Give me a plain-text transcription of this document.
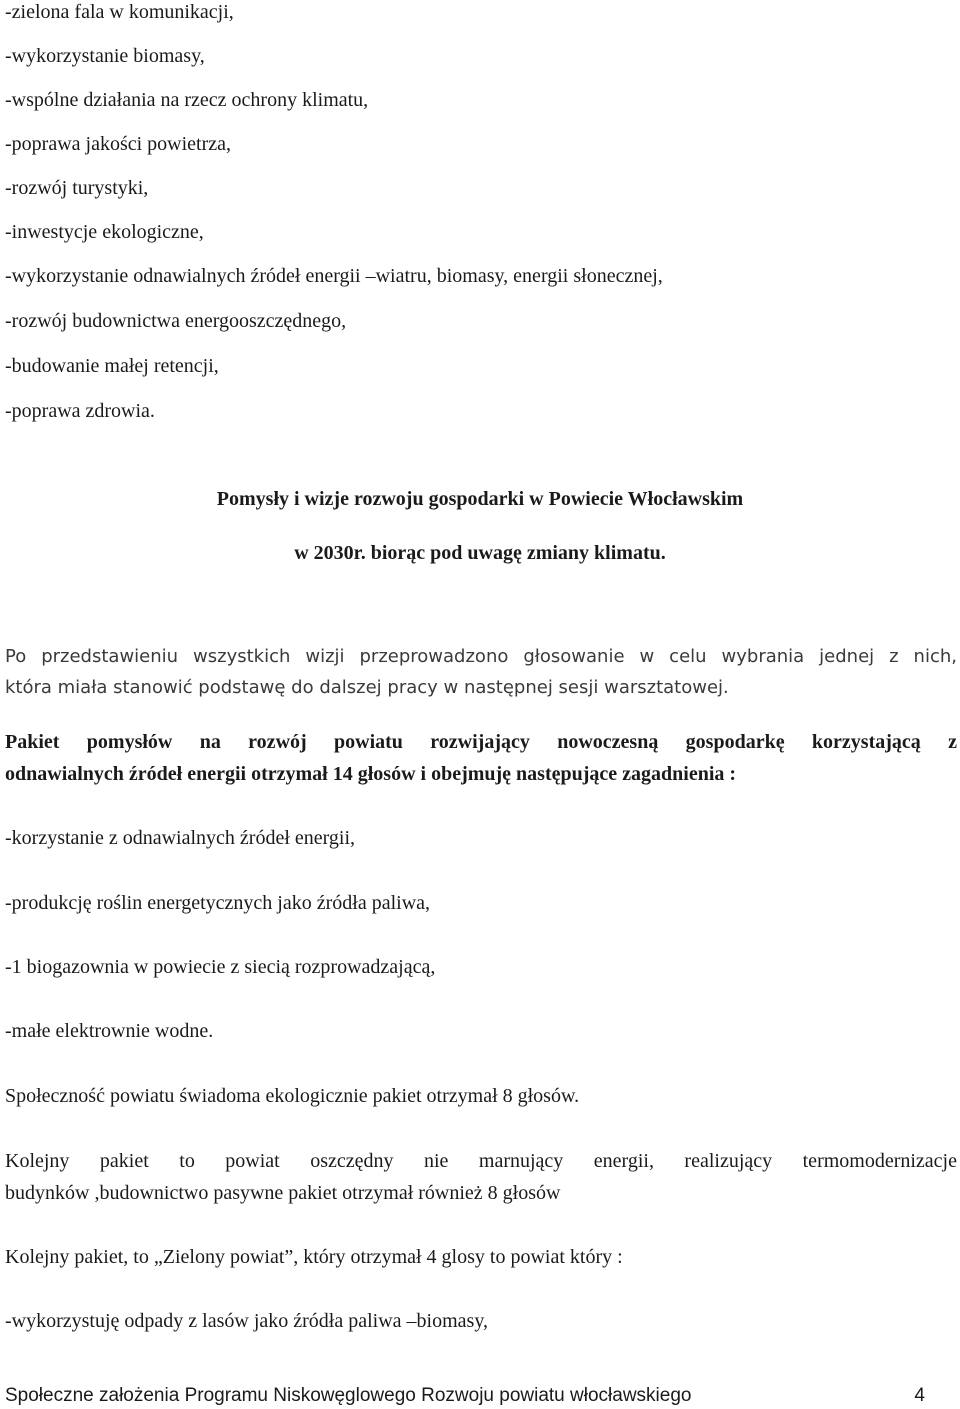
-zielona fala w komunikacji,
-wykorzystanie biomasy,
-wspólne działania na rzecz ochrony klimatu,
-poprawa jakości powietrza,
-rozwój turystyki,
-inwestycje ekologiczne,
-wykorzystanie odnawialnych źródeł energii –wiatru, biomasy, energii słonecznej,
-rozwój budownictwa energooszczędnego,
-budowanie małej retencji,
-poprawa zdrowia.
Pomysły i wizje rozwoju gospodarki w Powiecie Włocławskim
w 2030r. biorąc pod uwagę zmiany klimatu.
Po przedstawieniu wszystkich wizji przeprowadzono głosowanie w celu wybrania jednej z nich,
która miała stanowić podstawę do dalszej pracy w następnej sesji warsztatowej.
Pakiet pomysłów na rozwój powiatu rozwijający nowoczesną gospodarkę korzystającą z
odnawialnych źródeł energii otrzymał 14 głosów i obejmuję następujące zagadnienia :
-korzystanie z odnawialnych źródeł energii,
-produkcję roślin energetycznych jako źródła paliwa,
-1 biogazownia w powiecie z siecią rozprowadzającą,
-małe elektrownie wodne.
Społeczność powiatu świadoma ekologicznie pakiet otrzymał 8 głosów.
Kolejny pakiet to powiat oszczędny nie marnujący energii, realizujący termomodernizacje
budynków ,budownictwo pasywne pakiet otrzymał również 8 głosów
Kolejny pakiet, to „Zielony powiat”, który otrzymał 4 glosy to powiat który :
-wykorzystuję odpady z lasów jako źródła paliwa –biomasy,
Społeczne założenia Programu Niskowęglowego Rozwoju powiatu włocławskiego	4
